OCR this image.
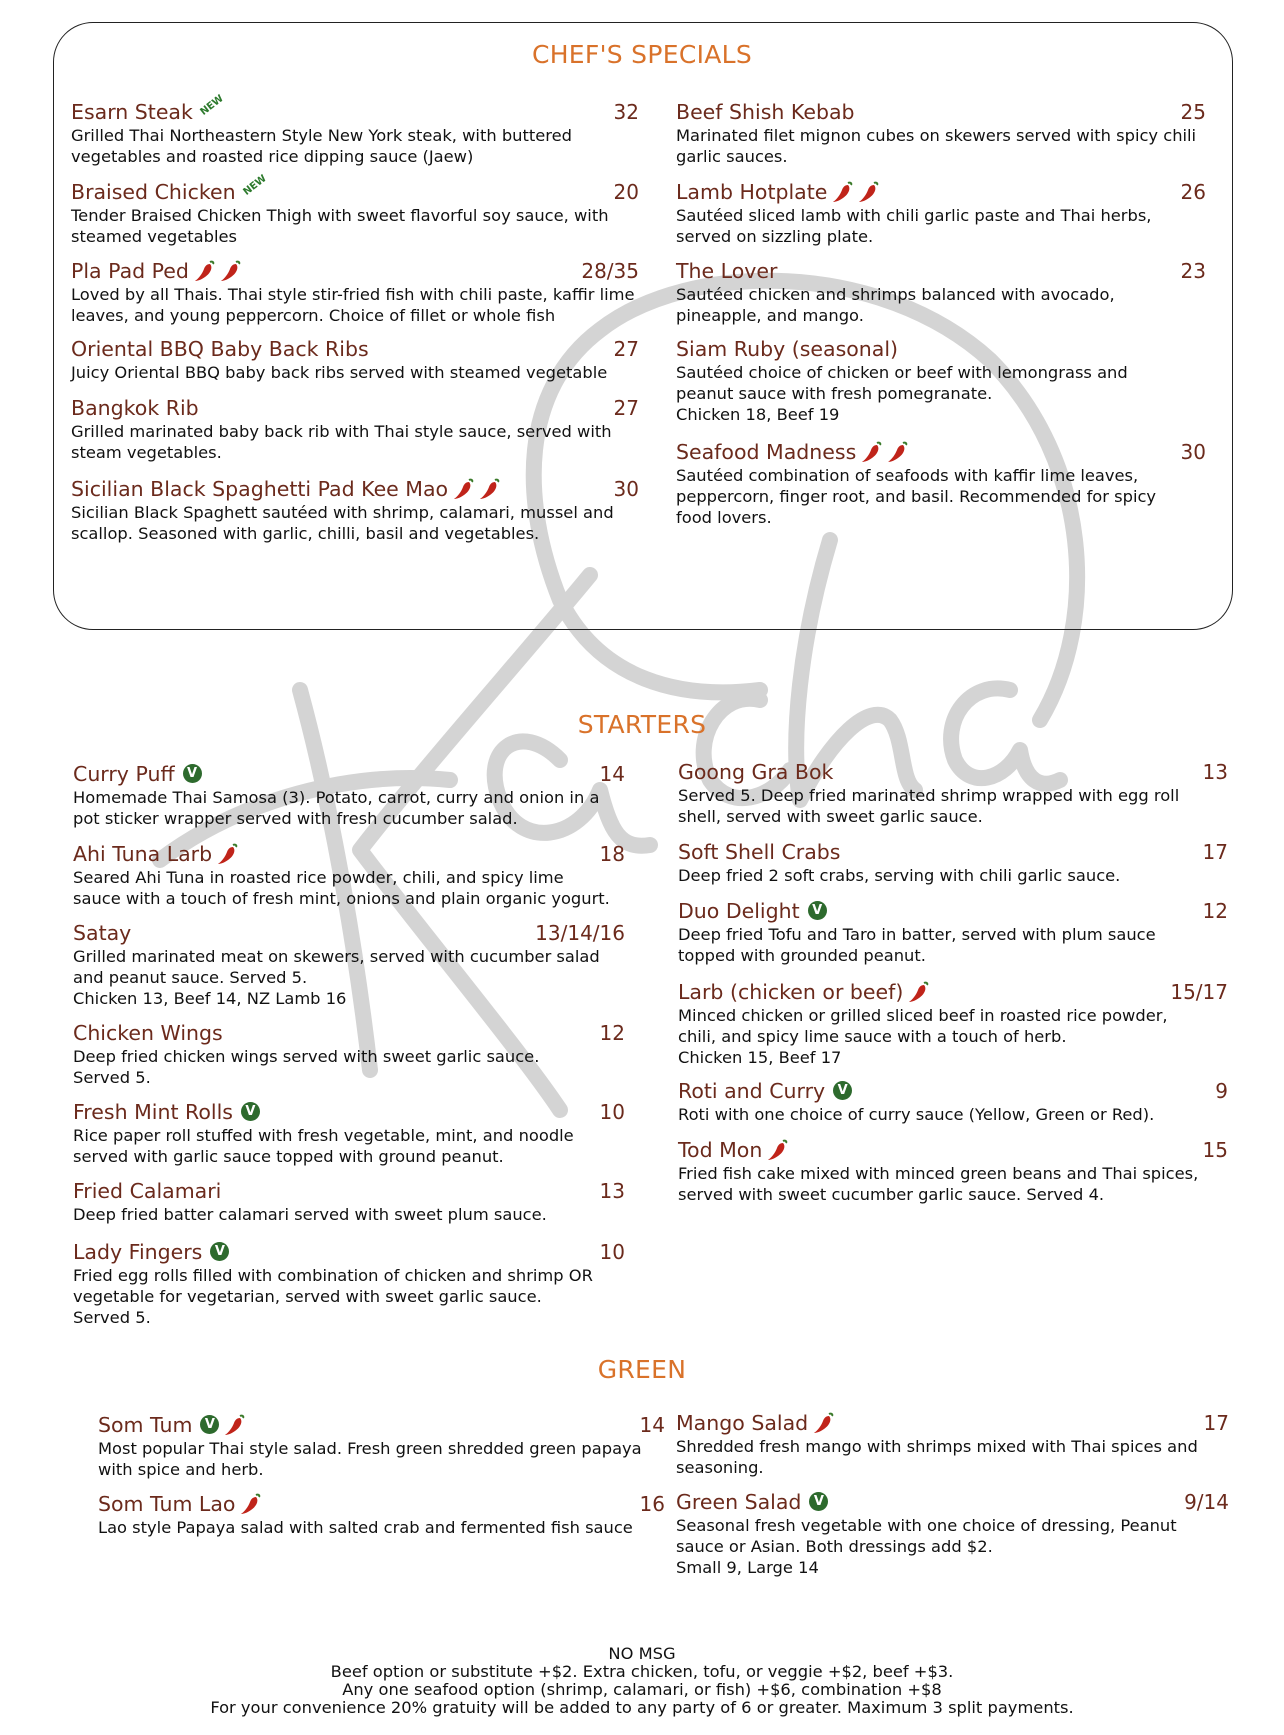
CHEF'S SPECIALS
STARTERS
GREEN
Esarn Steak NEW	32
Grilled Thai Northeastern Style New York steak, with buttered
vegetables and roasted rice dipping sauce (Jaew)
Braised Chicken NEW	20
Tender Braised Chicken Thigh with sweet flavorful soy sauce, with
steamed vegetables
Pla Pad Ped	28/35
Loved by all Thais. Thai style stir-fried fish with chili paste, kaffir lime
leaves, and young peppercorn. Choice of fillet or whole fish
Oriental BBQ Baby Back Ribs	27
Juicy Oriental BBQ baby back ribs served with steamed vegetable
Bangkok Rib	27
Grilled marinated baby back rib with Thai style sauce, served with
steam vegetables.
Sicilian Black Spaghetti Pad Kee Mao	30
Sicilian Black Spaghett sautéed with shrimp, calamari, mussel and
scallop. Seasoned with garlic, chilli, basil and vegetables.
Beef Shish Kebab	25
Marinated filet mignon cubes on skewers served with spicy chili
garlic sauces.
Lamb Hotplate	26
Sautéed sliced lamb with chili garlic paste and Thai herbs,
served on sizzling plate.
The Lover	23
Sautéed chicken and shrimps balanced with avocado,
pineapple, and mango.
Siam Ruby (seasonal)
Sautéed choice of chicken or beef with lemongrass and
peanut sauce with fresh pomegranate.
Chicken 18, Beef 19
Seafood Madness	30
Sautéed combination of seafoods with kaffir lime leaves,
peppercorn, finger root, and basil. Recommended for spicy
food lovers.
Curry Puff V	14
Homemade Thai Samosa (3). Potato, carrot, curry and onion in a
pot sticker wrapper served with fresh cucumber salad.
Ahi Tuna Larb	18
Seared Ahi Tuna in roasted rice powder, chili, and spicy lime
sauce with a touch of fresh mint, onions and plain organic yogurt.
Satay	13/14/16
Grilled marinated meat on skewers, served with cucumber salad
and peanut sauce. Served 5.
Chicken 13, Beef 14, NZ Lamb 16
Chicken Wings	12
Deep fried chicken wings served with sweet garlic sauce.
Served 5.
Fresh Mint Rolls V	10
Rice paper roll stuffed with fresh vegetable, mint, and noodle
served with garlic sauce topped with ground peanut.
Fried Calamari	13
Deep fried batter calamari served with sweet plum sauce.
Lady Fingers V	10
Fried egg rolls filled with combination of chicken and shrimp OR
vegetable for vegetarian, served with sweet garlic sauce.
Served 5.
Goong Gra Bok	13
Served 5. Deep fried marinated shrimp wrapped with egg roll
shell, served with sweet garlic sauce.
Soft Shell Crabs	17
Deep fried 2 soft crabs, serving with chili garlic sauce.
Duo Delight V	12
Deep fried Tofu and Taro in batter, served with plum sauce
topped with grounded peanut.
Larb (chicken or beef)	15/17
Minced chicken or grilled sliced beef in roasted rice powder,
chili, and spicy lime sauce with a touch of herb.
Chicken 15, Beef 17
Roti and Curry V	9
Roti with one choice of curry sauce (Yellow, Green or Red).
Tod Mon	15
Fried fish cake mixed with minced green beans and Thai spices,
served with sweet cucumber garlic sauce. Served 4.
Som Tum V	14
Most popular Thai style salad. Fresh green shredded green papaya
with spice and herb.
Som Tum Lao	16
Lao style Papaya salad with salted crab and fermented fish sauce
Mango Salad	17
Shredded fresh mango with shrimps mixed with Thai spices and
seasoning.
Green Salad V	9/14
Seasonal fresh vegetable with one choice of dressing, Peanut
sauce or Asian. Both dressings add $2.
Small 9, Large 14
NO MSG
Beef option or substitute +$2. Extra chicken, tofu, or veggie +$2, beef +$3.
Any one seafood option (shrimp, calamari, or fish) +$6, combination +$8
For your convenience 20% gratuity will be added to any party of 6 or greater. Maximum 3 split payments.
